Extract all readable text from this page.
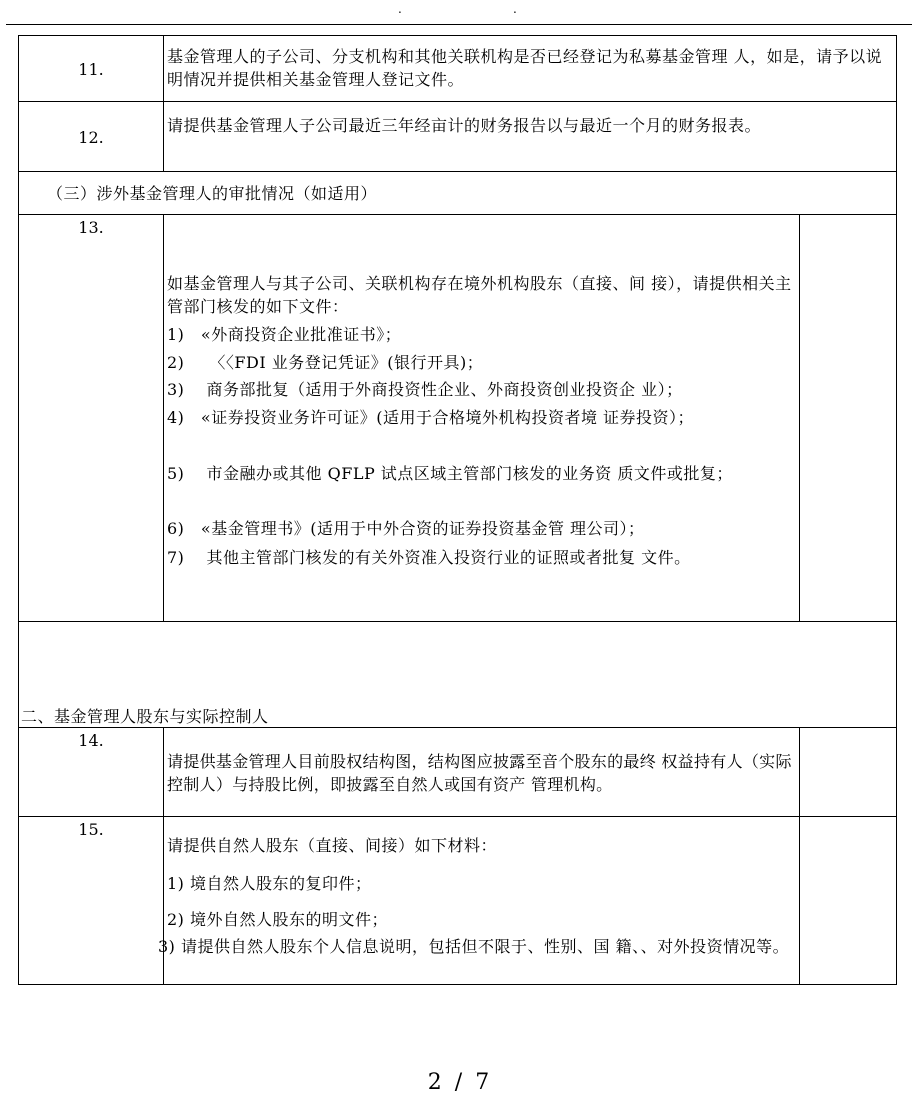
.	.
11.
基金管理人的子公司、分支机构和其他关联机构是否已经登记为私募基金管理 人，如是，请予以说明情况并提供相关基金管理人登记文件。
12.
请提供基金管理人子公司最近三年经亩计的财务报告以与最近一个月的财务报表。
（三）涉外基金管理人的审批情况（如适用）
13.
如基金管理人与其子公司、关联机构存在境外机构股东（直接、间 接），请提供相关主管部门核发的如下文件：
1)　«外商投资企业批准证书》；
2)　　〈〈FDI 业务登记凭证》(银行开具)；
3)　 商务部批复（适用于外商投资性企业、外商投资创业投资企 业）；
4)　«证券投资业务许可证》(适用于合格境外机构投资者境 证券投资）；
5)　 市金融办或其他 QFLP 试点区域主管部门核发的业务资 质文件或批复；
6)　«基金管理书》(适用于中外合资的证券投资基金管 理公司）；
7)　 其他主管部门核发的有关外资准入投资行业的证照或者批复 文件。
二、基金管理人股东与实际控制人
14.
请提供基金管理人目前股权结构图，结构图应披露至音个股东的最终 权益持有人（实际控制人）与持股比例，即披露至自然人或国有资产 管理机构。
15.
请提供自然人股东（直接、间接）如下材料：
1) 境自然人股东的复印件；
2) 境外自然人股东的明文件；
3) 请提供自然人股东个人信息说明，包括但不限于、性别、国 籍、、对外投资情况等。
2 / 7
